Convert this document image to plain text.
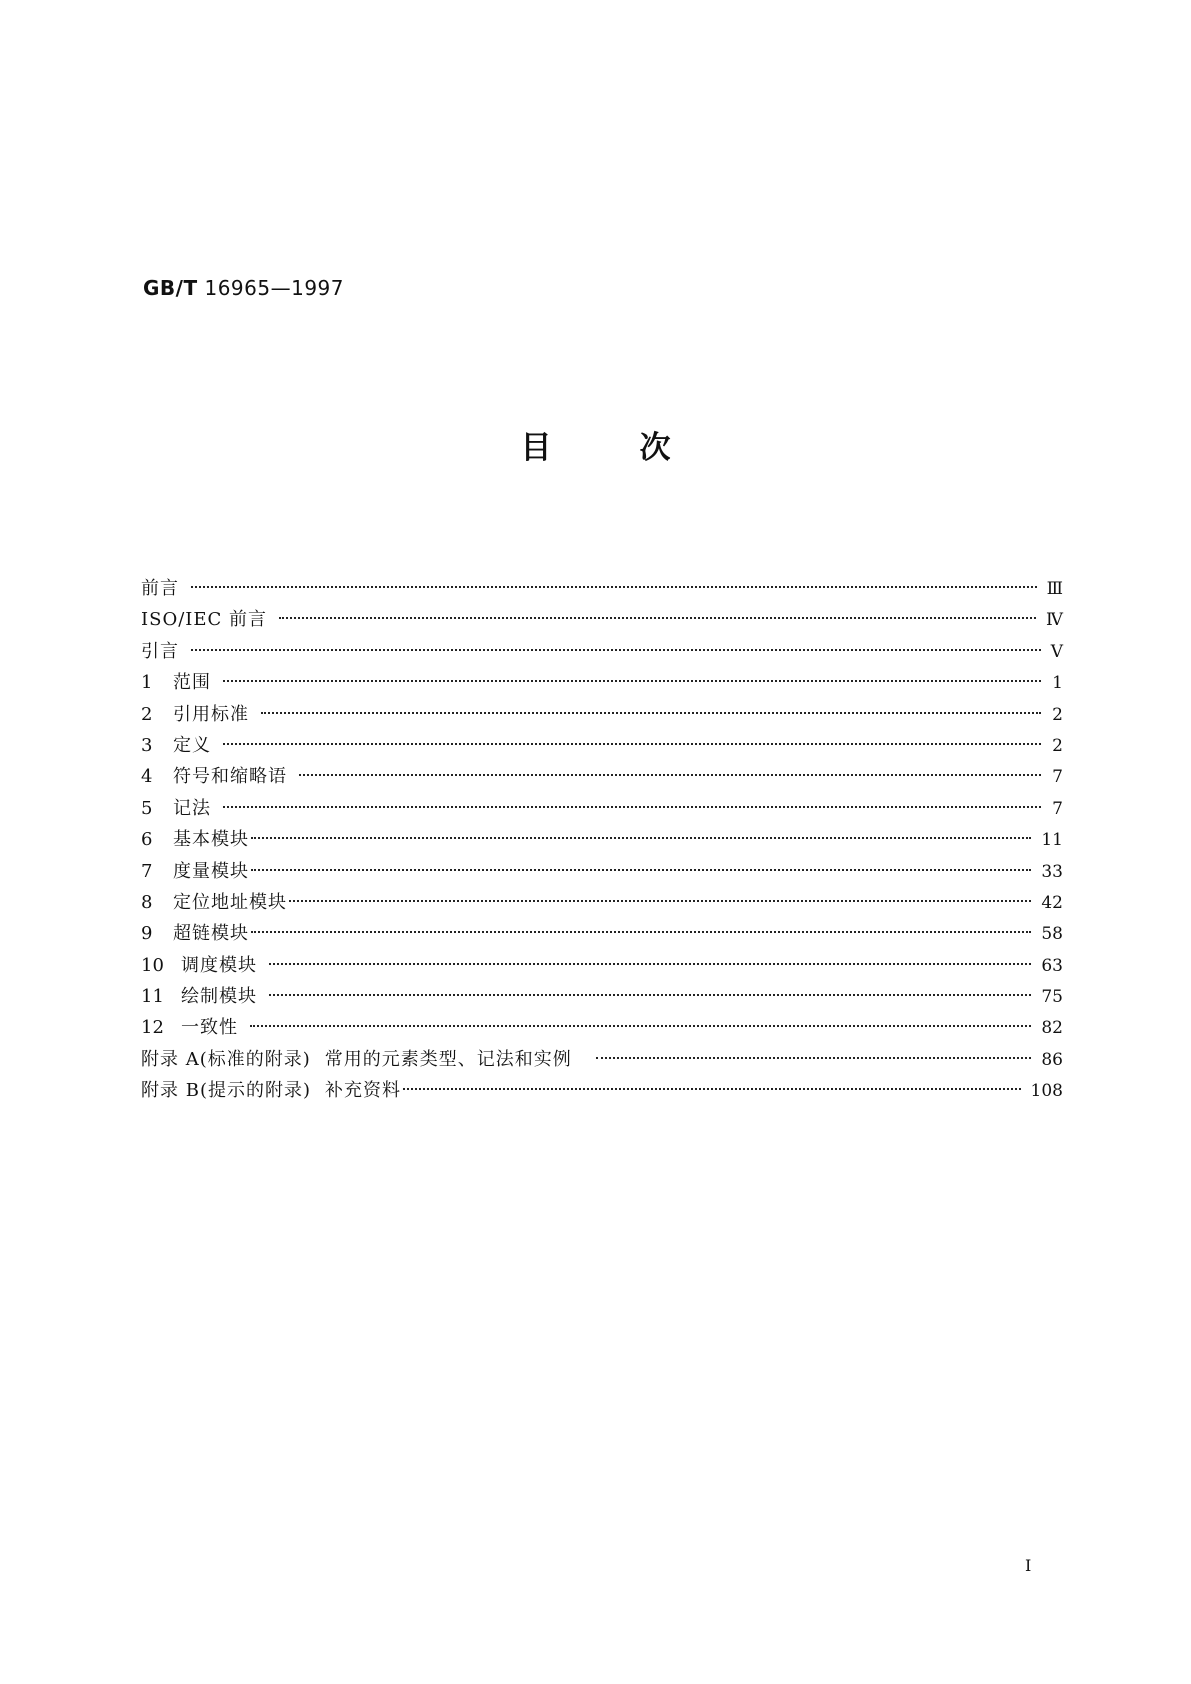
GB/T 16965—1997
目次
前言	Ⅲ
ISO/IEC 前言	Ⅳ
引言	Ⅴ
1	范围	1
2	引用标准	2
3	定义	2
4	符号和缩略语	7
5	记法	7
6	基本模块	11
7	度量模块	33
8	定位地址模块	42
9	超链模块	58
10 调度模块	63
11 绘制模块	75
12 一致性	82
附录 A(标准的附录) 常用的元素类型、记法和实例	86
附录 B(提示的附录) 补充资料	108
I
